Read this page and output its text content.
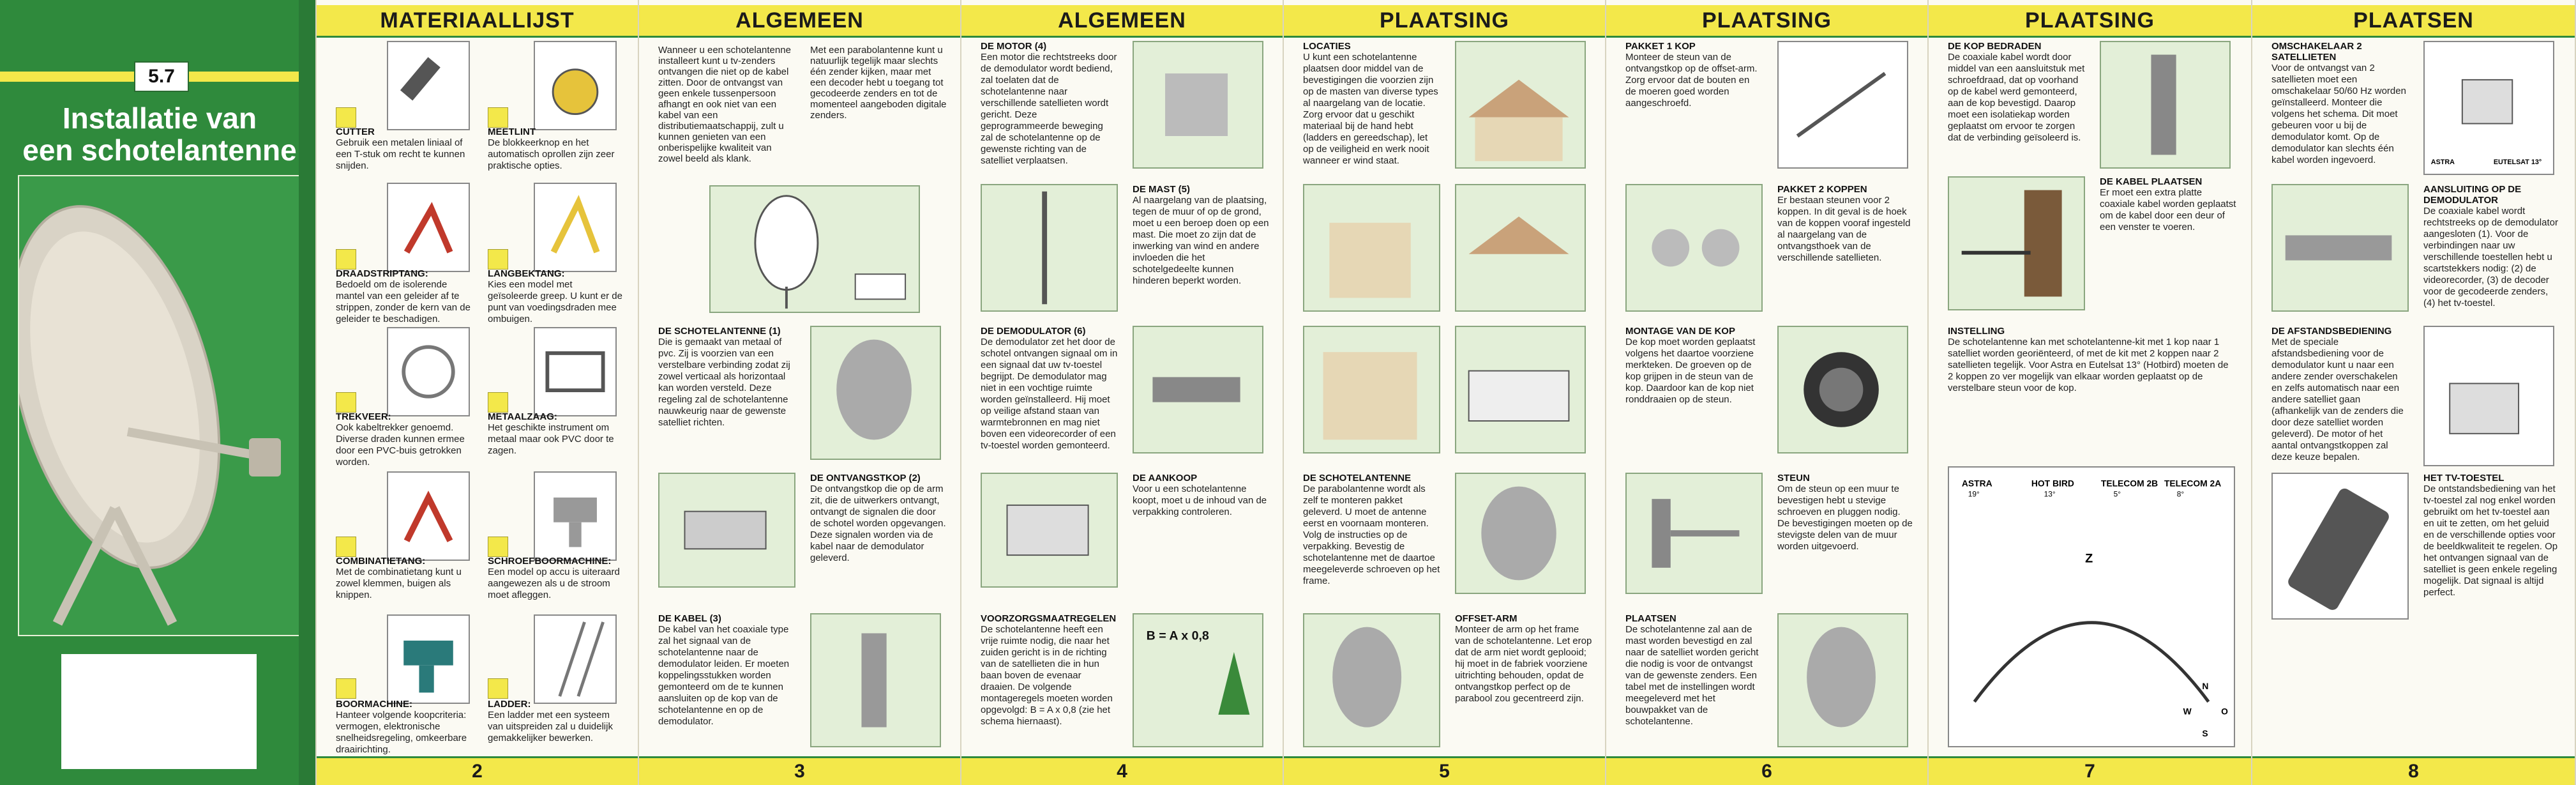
5.7
Installatie van
een schotelantenne
MATERIAALLIJST
CUTTER
Gebruik een metalen liniaal of een T-stuk om recht te kunnen snijden.
MEETLINT
De blokkeerknop en het automatisch oprollen zijn zeer praktische opties.
DRAADSTRIPTANG:
Bedoeld om de isolerende mantel van een geleider af te strippen, zonder de kern van de geleider te beschadigen.
LANGBEKTANG:
Kies een model met geïsoleerde greep. U kunt er de punt van voedingsdraden mee ombuigen.
TREKVEER:
Ook kabeltrekker genoemd. Diverse draden kunnen ermee door een PVC-buis getrokken worden.
METAALZAAG:
Het geschikte instrument om metaal maar ook PVC door te zagen.
COMBINATIETANG:
Met de combinatietang kunt u zowel klemmen, buigen als knippen.
SCHROEFBOORMACHINE:
Een model op accu is uiteraard aangewezen als u de stroom moet afleggen.
BOORMACHINE:
Hanteer volgende koopcriteria: vermogen, elektronische snelheidsregeling, omkeerbare draairichting.
LADDER:
Een ladder met een systeem van uitspreiden zal u duidelijk gemakkelijker bewerken.
2
ALGEMEEN
Wanneer u een schotelantenne installeert kunt u tv-zenders ontvangen die niet op de kabel zitten. Door de ontvangst van geen enkele tussenpersoon afhangt en ook niet van een kabel van een distributiemaatschappij, zult u kunnen genieten van een onberispelijke kwaliteit van zowel beeld als klank.
Met een parabolantenne kunt u natuurlijk tegelijk maar slechts één zender kijken, maar met een decoder hebt u toegang tot gecodeerde zenders en tot de momenteel aangeboden digitale zenders.
DE SCHOTELANTENNE (1)
Die is gemaakt van metaal of pvc. Zij is voorzien van een verstelbare verbinding zodat zij zowel verticaal als horizontaal kan worden versteld. Deze regeling zal de schotelantenne nauwkeurig naar de gewenste satelliet richten.
DE ONTVANGSTKOP (2)
De ontvangstkop die op de arm zit, die de uitwerkers ontvangt, ontvangt de signalen die door de schotel worden opgevangen. Deze signalen worden via de kabel naar de demodulator geleverd.
DE KABEL (3)
De kabel van het coaxiale type zal het signaal van de schotelantenne naar de demodulator leiden. Er moeten koppelingsstukken worden gemonteerd om de te kunnen aansluiten op de kop van de schotelantenne en op de demodulator.
3
ALGEMEEN
DE MOTOR (4)
Een motor die rechtstreeks door de demodulator wordt bediend, zal toelaten dat de schotelantenne naar verschillende satellieten wordt gericht. Deze geprogrammeerde beweging zal de schotelantenne op de gewenste richting van de satelliet verplaatsen.
DE MAST (5)
Al naargelang van de plaatsing, tegen de muur of op de grond, moet u een beroep doen op een mast. Die moet zo zijn dat de inwerking van wind en andere invloeden die het schotelgedeelte kunnen hinderen beperkt worden.
DE DEMODULATOR (6)
De demodulator zet het door de schotel ontvangen signaal om in een signaal dat uw tv-toestel begrijpt. De demodulator mag niet in een vochtige ruimte worden geïnstalleerd. Hij moet op veilige afstand staan van warmtebronnen en mag niet boven een videorecorder of een tv-toestel worden gemonteerd.
DE AANKOOP
Voor u een schotelantenne koopt, moet u de inhoud van de verpakking controleren.
VOORZORGSMAATREGELEN
De schotelantenne heeft een vrije ruimte nodig, die naar het zuiden gericht is in de richting van de satellieten die in hun baan boven de evenaar draaien. De volgende montageregels moeten worden opgevolgd: B = A x 0,8 (zie het schema hiernaast).
B = A x 0,8
4
PLAATSING
LOCATIES
U kunt een schotelantenne plaatsen door middel van de bevestigingen die voorzien zijn op de masten van diverse types al naargelang van de locatie. Zorg ervoor dat u geschikt materiaal bij de hand hebt (ladders en gereedschap), let op de veiligheid en werk nooit wanneer er wind staat.
DE SCHOTELANTENNE
De parabolantenne wordt als zelf te monteren pakket geleverd. U moet de antenne eerst en voornaam monteren. Volg de instructies op de verpakking. Bevestig de schotelantenne met de daartoe meegeleverde schroeven op het frame.
OFFSET-ARM
Monteer de arm op het frame van de schotelantenne. Let erop dat de arm niet wordt geplooid; hij moet in de fabriek voorziene uitrichting behouden, opdat de ontvangstkop perfect op de parabool zou gecentreerd zijn.
5
PLAATSING
PAKKET 1 KOP
Monteer de steun van de ontvangstkop op de offset-arm. Zorg ervoor dat de bouten en de moeren goed worden aangeschroefd.
PAKKET 2 KOPPEN
Er bestaan steunen voor 2 koppen. In dit geval is de hoek van de koppen vooraf ingesteld al naargelang van de ontvangsthoek van de verschillende satellieten.
MONTAGE VAN DE KOP
De kop moet worden geplaatst volgens het daartoe voorziene merkteken. De groeven op de kop grijpen in de steun van de kop. Daardoor kan de kop niet ronddraaien op de steun.
STEUN
Om de steun op een muur te bevestigen hebt u stevige schroeven en pluggen nodig. De bevestigingen moeten op de stevigste delen van de muur worden uitgevoerd.
PLAATSEN
De schotelantenne zal aan de mast worden bevestigd en zal naar de satelliet worden gericht die nodig is voor de ontvangst van de gewenste zenders. Een tabel met de instellingen wordt meegeleverd met het bouwpakket van de schotelantenne.
6
PLAATSING
DE KOP BEDRADEN
De coaxiale kabel wordt door middel van een aansluitstuk met schroefdraad, dat op voorhand op de kabel werd gemonteerd, aan de kop bevestigd. Daarop moet een isolatiekap worden geplaatst om ervoor te zorgen dat de verbinding geïsoleerd is.
DE KABEL PLAATSEN
Er moet een extra platte coaxiale kabel worden geplaatst om de kabel door een deur of een venster te voeren.
INSTELLING
De schotelantenne kan met schotelantenne-kit met 1 kop naar 1 satelliet worden georiënteerd, of met de kit met 2 koppen naar 2 satellieten tegelijk. Voor Astra en Eutelsat 13° (Hotbird) moeten de 2 koppen zo ver mogelijk van elkaar worden geplaatst op de verstelbare steun voor de kop.
ASTRA
19°
HOT BIRD
13°
TELECOM 2B
5°
TELECOM 2A
8°
Z
N
S
O
W
7
PLAATSEN
OMSCHAKELAAR 2 SATELLIETEN
Voor de ontvangst van 2 satellieten moet een omschakelaar 50/60 Hz worden geïnstalleerd. Monteer die volgens het schema. Dit moet gebeuren voor u bij de demodulator komt. Op de demodulator kan slechts één kabel worden ingevoerd.	ASTRA	EUTELSAT 13°
AANSLUITING OP DE DEMODULATOR
De coaxiale kabel wordt rechtstreeks op de demodulator aangesloten (1). Voor de verbindingen naar uw verschillende toestellen hebt u scartstekkers nodig: (2) de videorecorder, (3) de decoder voor de gecodeerde zenders, (4) het tv-toestel.
DE AFSTANDSBEDIENING
Met de speciale afstandsbediening voor de demodulator kunt u naar een andere zender overschakelen en zelfs automatisch naar een andere satelliet gaan (afhankelijk van de zenders die door deze satelliet worden geleverd). De motor of het aantal ontvangstkoppen zal deze keuze bepalen.
HET TV-TOESTEL
De ontstandsbediening van het tv-toestel zal nog enkel worden gebruikt om het tv-toestel aan en uit te zetten, om het geluid en de verschillende opties voor de beeldkwaliteit te regelen. Op het ontvangen signaal van de satelliet is geen enkele regeling mogelijk. Dat signaal is altijd perfect.
8
